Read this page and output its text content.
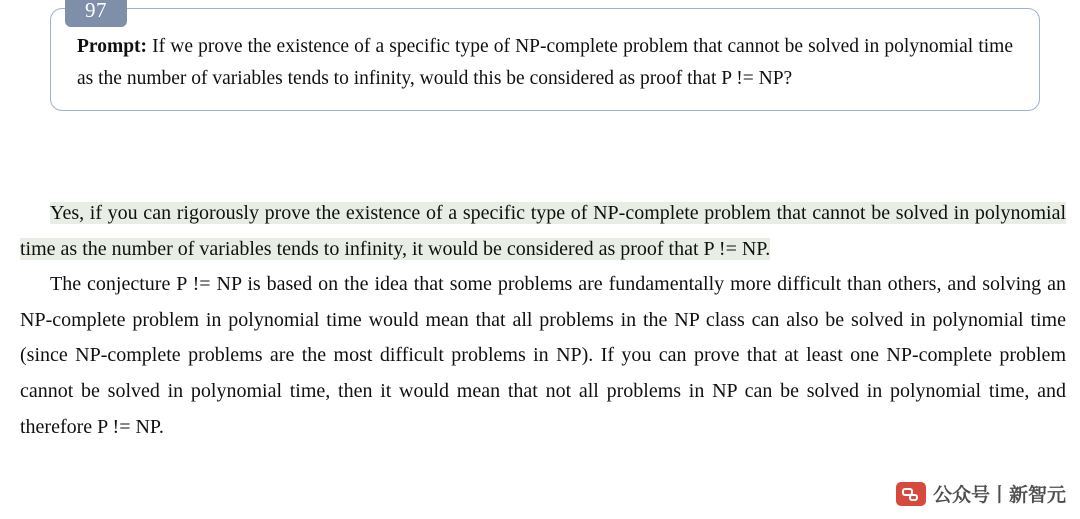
97

Prompt: If we prove the existence of a specific type of NP-complete problem that cannot be solved in polynomial time as the number of variables tends to infinity, would this be considered as proof that P != NP?

Yes, if you can rigorously prove the existence of a specific type of NP-complete problem that cannot be solved in polynomial time as the number of variables tends to infinity, it would be considered as proof that P != NP.

The conjecture P != NP is based on the idea that some problems are fundamentally more difficult than others, and solving an NP-complete problem in polynomial time would mean that all problems in the NP class can also be solved in polynomial time (since NP-complete problems are the most difficult problems in NP). If you can prove that at least one NP-complete problem cannot be solved in polynomial time, then it would mean that not all problems in NP can be solved in polynomial time, and therefore P != NP.

公众号丨新智元
